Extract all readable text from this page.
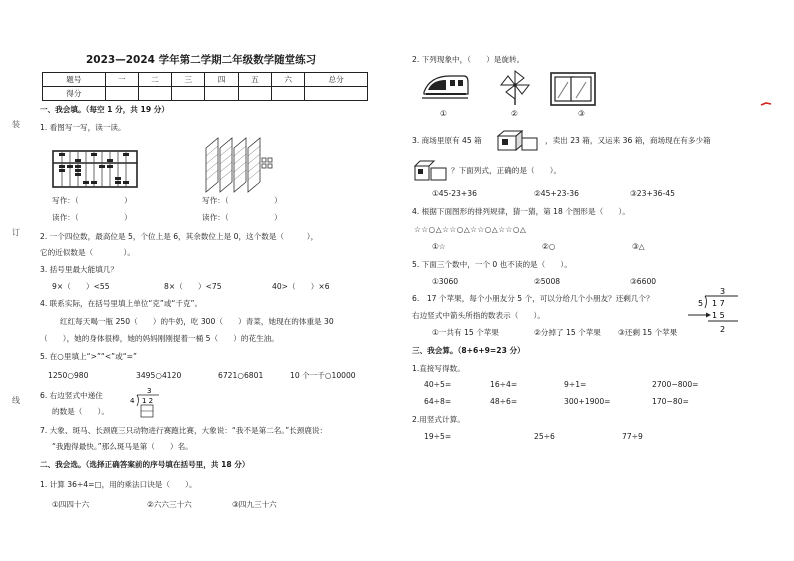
装
订
线
2023—2024 学年第二学期二年级数学随堂练习
题号	一	二	三	四	五	六	总分
得分							
一、我会填。（每空 1 分，共 19 分）
1. 看图写一写，读一读。
写作：（　　　　　　）	写作：（　　　　　　）
读作：（　　　　　　）	读作：（　　　　　　）
2. 一个四位数，最高位是 5，个位上是 6，其余数位上是 0，这个数是（　　　），
它的近似数是（　　　　）。
3. 括号里最大能填几？
9×（　　）<55	8×（　　）<75	40>（　　）×6
4. 联系实际，在括号里填上单位“克”或“千克”。
红红每天喝一瓶 250（　　）的牛奶，吃 300（　　）青菜，她现在的体重是 30
（　　），她的身体很棒，她的妈妈刚刚提着一桶 5（　　）的花生油。
5. 在○里填上“>”“<”或“=”
1250○980	3495○4120	6721○6801	10 个一千○10000
6. 右边竖式中递住
的数是（　　）。
3
4 1 2
7. 大象、斑马、长颈鹿三只动物进行赛跑比赛，大象说：“我不是第二名。”长颈鹿说：
“我跑得最快。”那么斑马是第（　　）名。
二、我会选。（选择正确答案前的序号填在括号里，共 18 分）
1. 计算 36÷4=□，用的乘法口诀是（　　）。
①四四十六	②六六三十六	③四九三十六
2. 下列现象中，（　　）是旋转。
①	②	③
3. 商场里原有 45 箱	，卖出 23 箱，又运来 36 箱，商场现在有多少箱
？下面列式，正确的是（　　）。
①45-23+36	②45+23-36	③23+36-45
4. 根据下面图形的排列规律，猜一猜，第 18 个图形是（　　）。
☆☆○△☆☆○△☆☆○△☆☆○△
①☆	②○	③△
5. 下面三个数中，一个 0 也不读的是（　　）。
①3060	②5008	③6600
6.　17 个苹果，每个小朋友分 5 个，可以分给几个小朋友？还剩几个？
右边竖式中箭头所指的数表示（　　）。
①一共有 15 个苹果	②分掉了 15 个苹果 ③还剩 15 个苹果
3
5 1 7
1 5
2
三、我会算。（8+6+9=23 分）
1.直接写得数。
40÷5=	16÷4=	9÷1=	2700−800=
64÷8=	48÷6=	300+1900=	170−80=
2.用竖式计算。
19÷5=	25÷6	77÷9
